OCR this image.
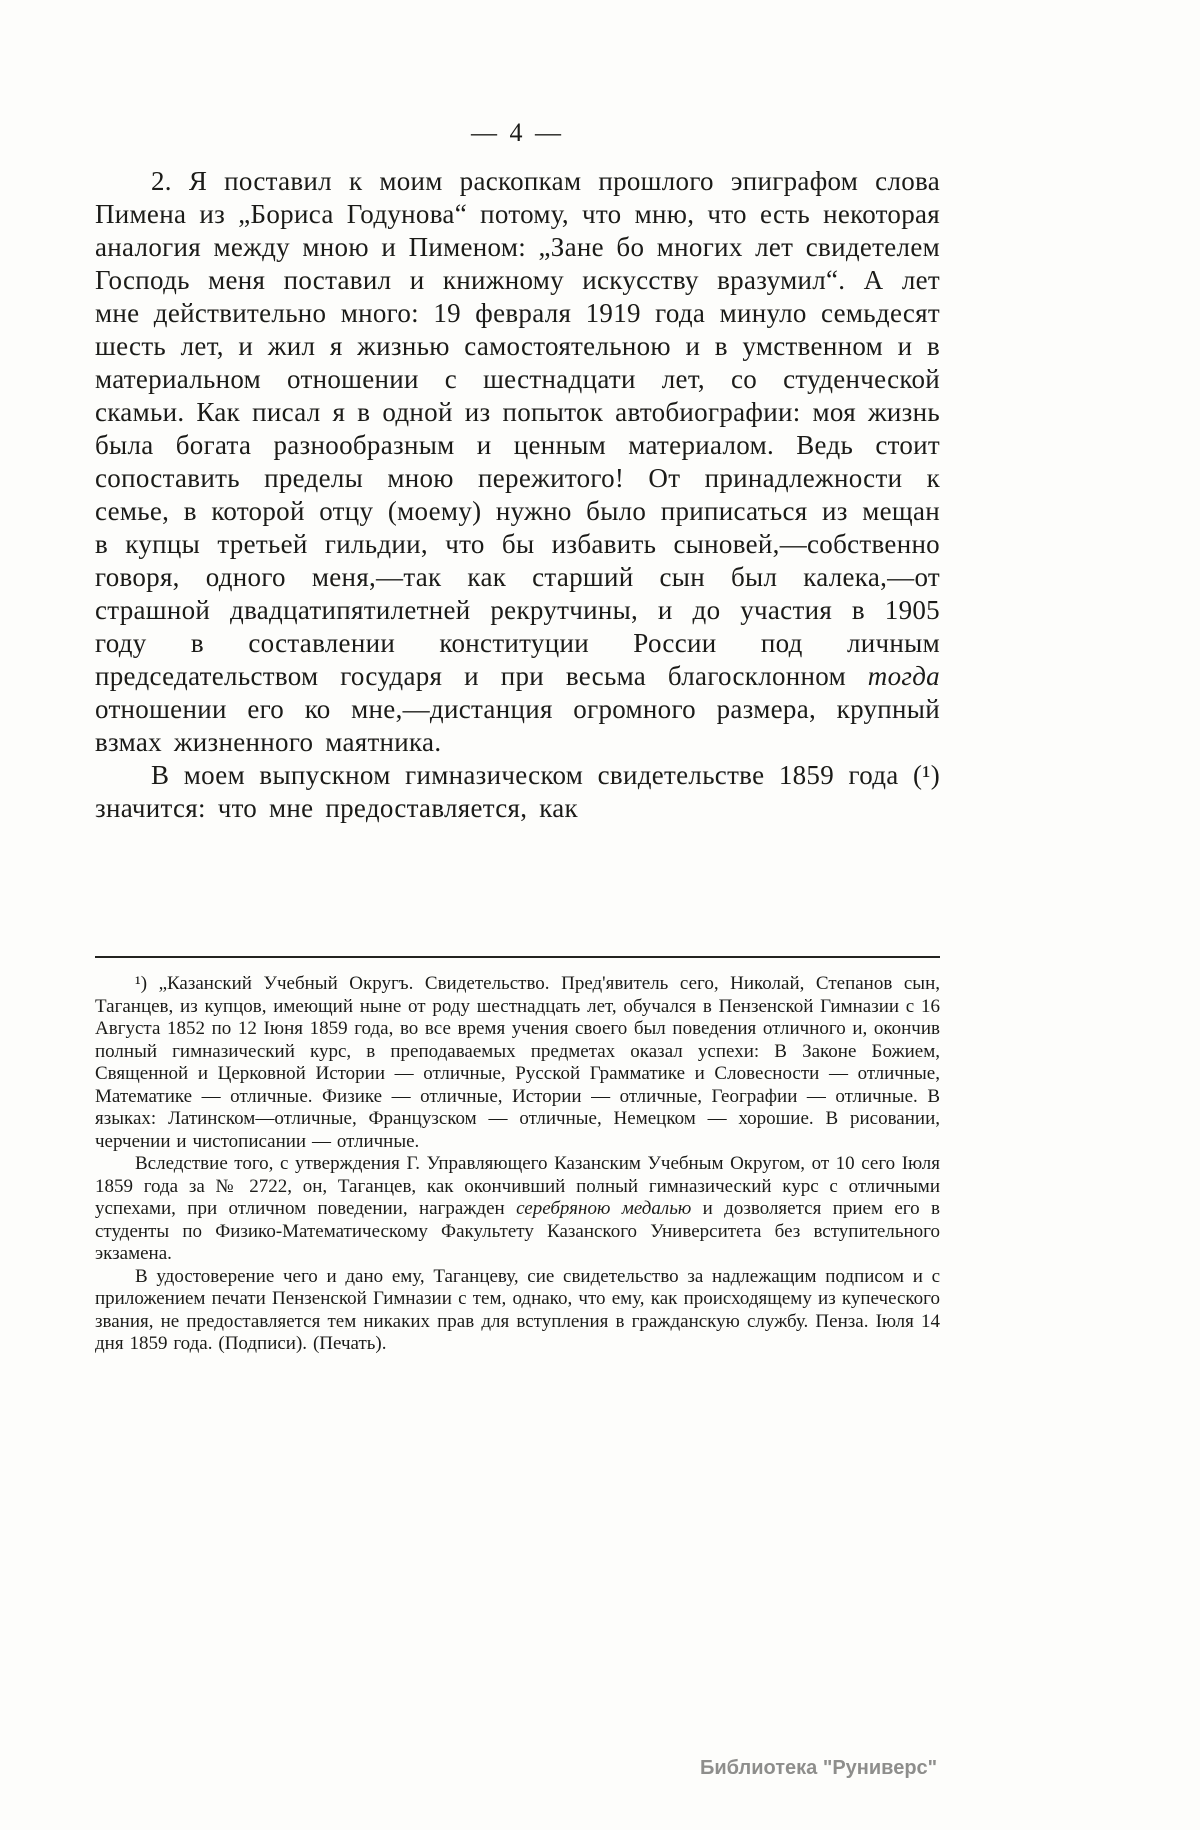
— 4 —

2. Я поставил к моим раскопкам прошлого эпиграфом слова Пимена из „Бориса Годунова“ потому, что мню, что есть некоторая аналогия между мною и Пименом: „Зане бо многих лет свидетелем Господь меня поставил и книжному искусству вразумил“. А лет мне действительно много: 19 февраля 1919 года минуло семьдесят шесть лет, и жил я жизнью самостоятельною и в умственном и в материальном отношении с шестнадцати лет, со студенческой скамьи. Как писал я в одной из попыток автобиографии: моя жизнь была богата разнообразным и ценным материалом. Ведь стоит сопоставить пределы мною пережитого! От принадлежности к семье, в которой отцу (моему) нужно было приписаться из мещан в купцы третьей гильдии, что бы избавить сыновей,—собственно говоря, одного меня,—так как старший сын был калека,—от страшной двадцатипятилетней рекрутчины, и до участия в 1905 году в составлении конституции России под личным председательством государя и при весьма благосклонном тогда отношении его ко мне,—дистанция огромного размера, крупный взмах жизненного маятника.

В моем выпускном гимназическом свидетельстве 1859 года (¹) значится: что мне предоставляется, как

¹) „Казанский Учебный Округъ. Свидетельство. Пред'явитель сего, Николай, Степанов сын, Таганцев, из купцов, имеющий ныне от роду шестнадцать лет, обучался в Пензенской Гимназии с 16 Августа 1852 по 12 Іюня 1859 года, во все время учения своего был поведения отличного и, окончив полный гимназический курс, в преподаваемых предметах оказал успехи: В Законе Божием, Священной и Церковной Истории — отличные, Русской Грамматике и Словесности — отличные, Математике — отличные. Физике — отличные, Истории — отличные, Географии — отличные. В языках: Латинском—отличные, Французском — отличные, Немецком — хорошие. В рисовании, черчении и чистописании — отличные.

Вследствие того, с утверждения Г. Управляющего Казанским Учебным Округом, от 10 сего Іюля 1859 года за № 2722, он, Таганцев, как окончивший полный гимназический курс с отличными успехами, при отличном поведении, награжден серебряною медалью и дозволяется прием его в студенты по Физико-Математическому Факультету Казанского Университета без вступительного экзамена.

В удостоверение чего и дано ему, Таганцеву, сие свидетельство за надлежащим подписом и с приложением печати Пензенской Гимназии с тем, однако, что ему, как происходящему из купеческого звания, не предоставляется тем никаких прав для вступления в гражданскую службу. Пенза. Іюля 14 дня 1859 года. (Подписи). (Печать).

Библиотека "Руниверс"
